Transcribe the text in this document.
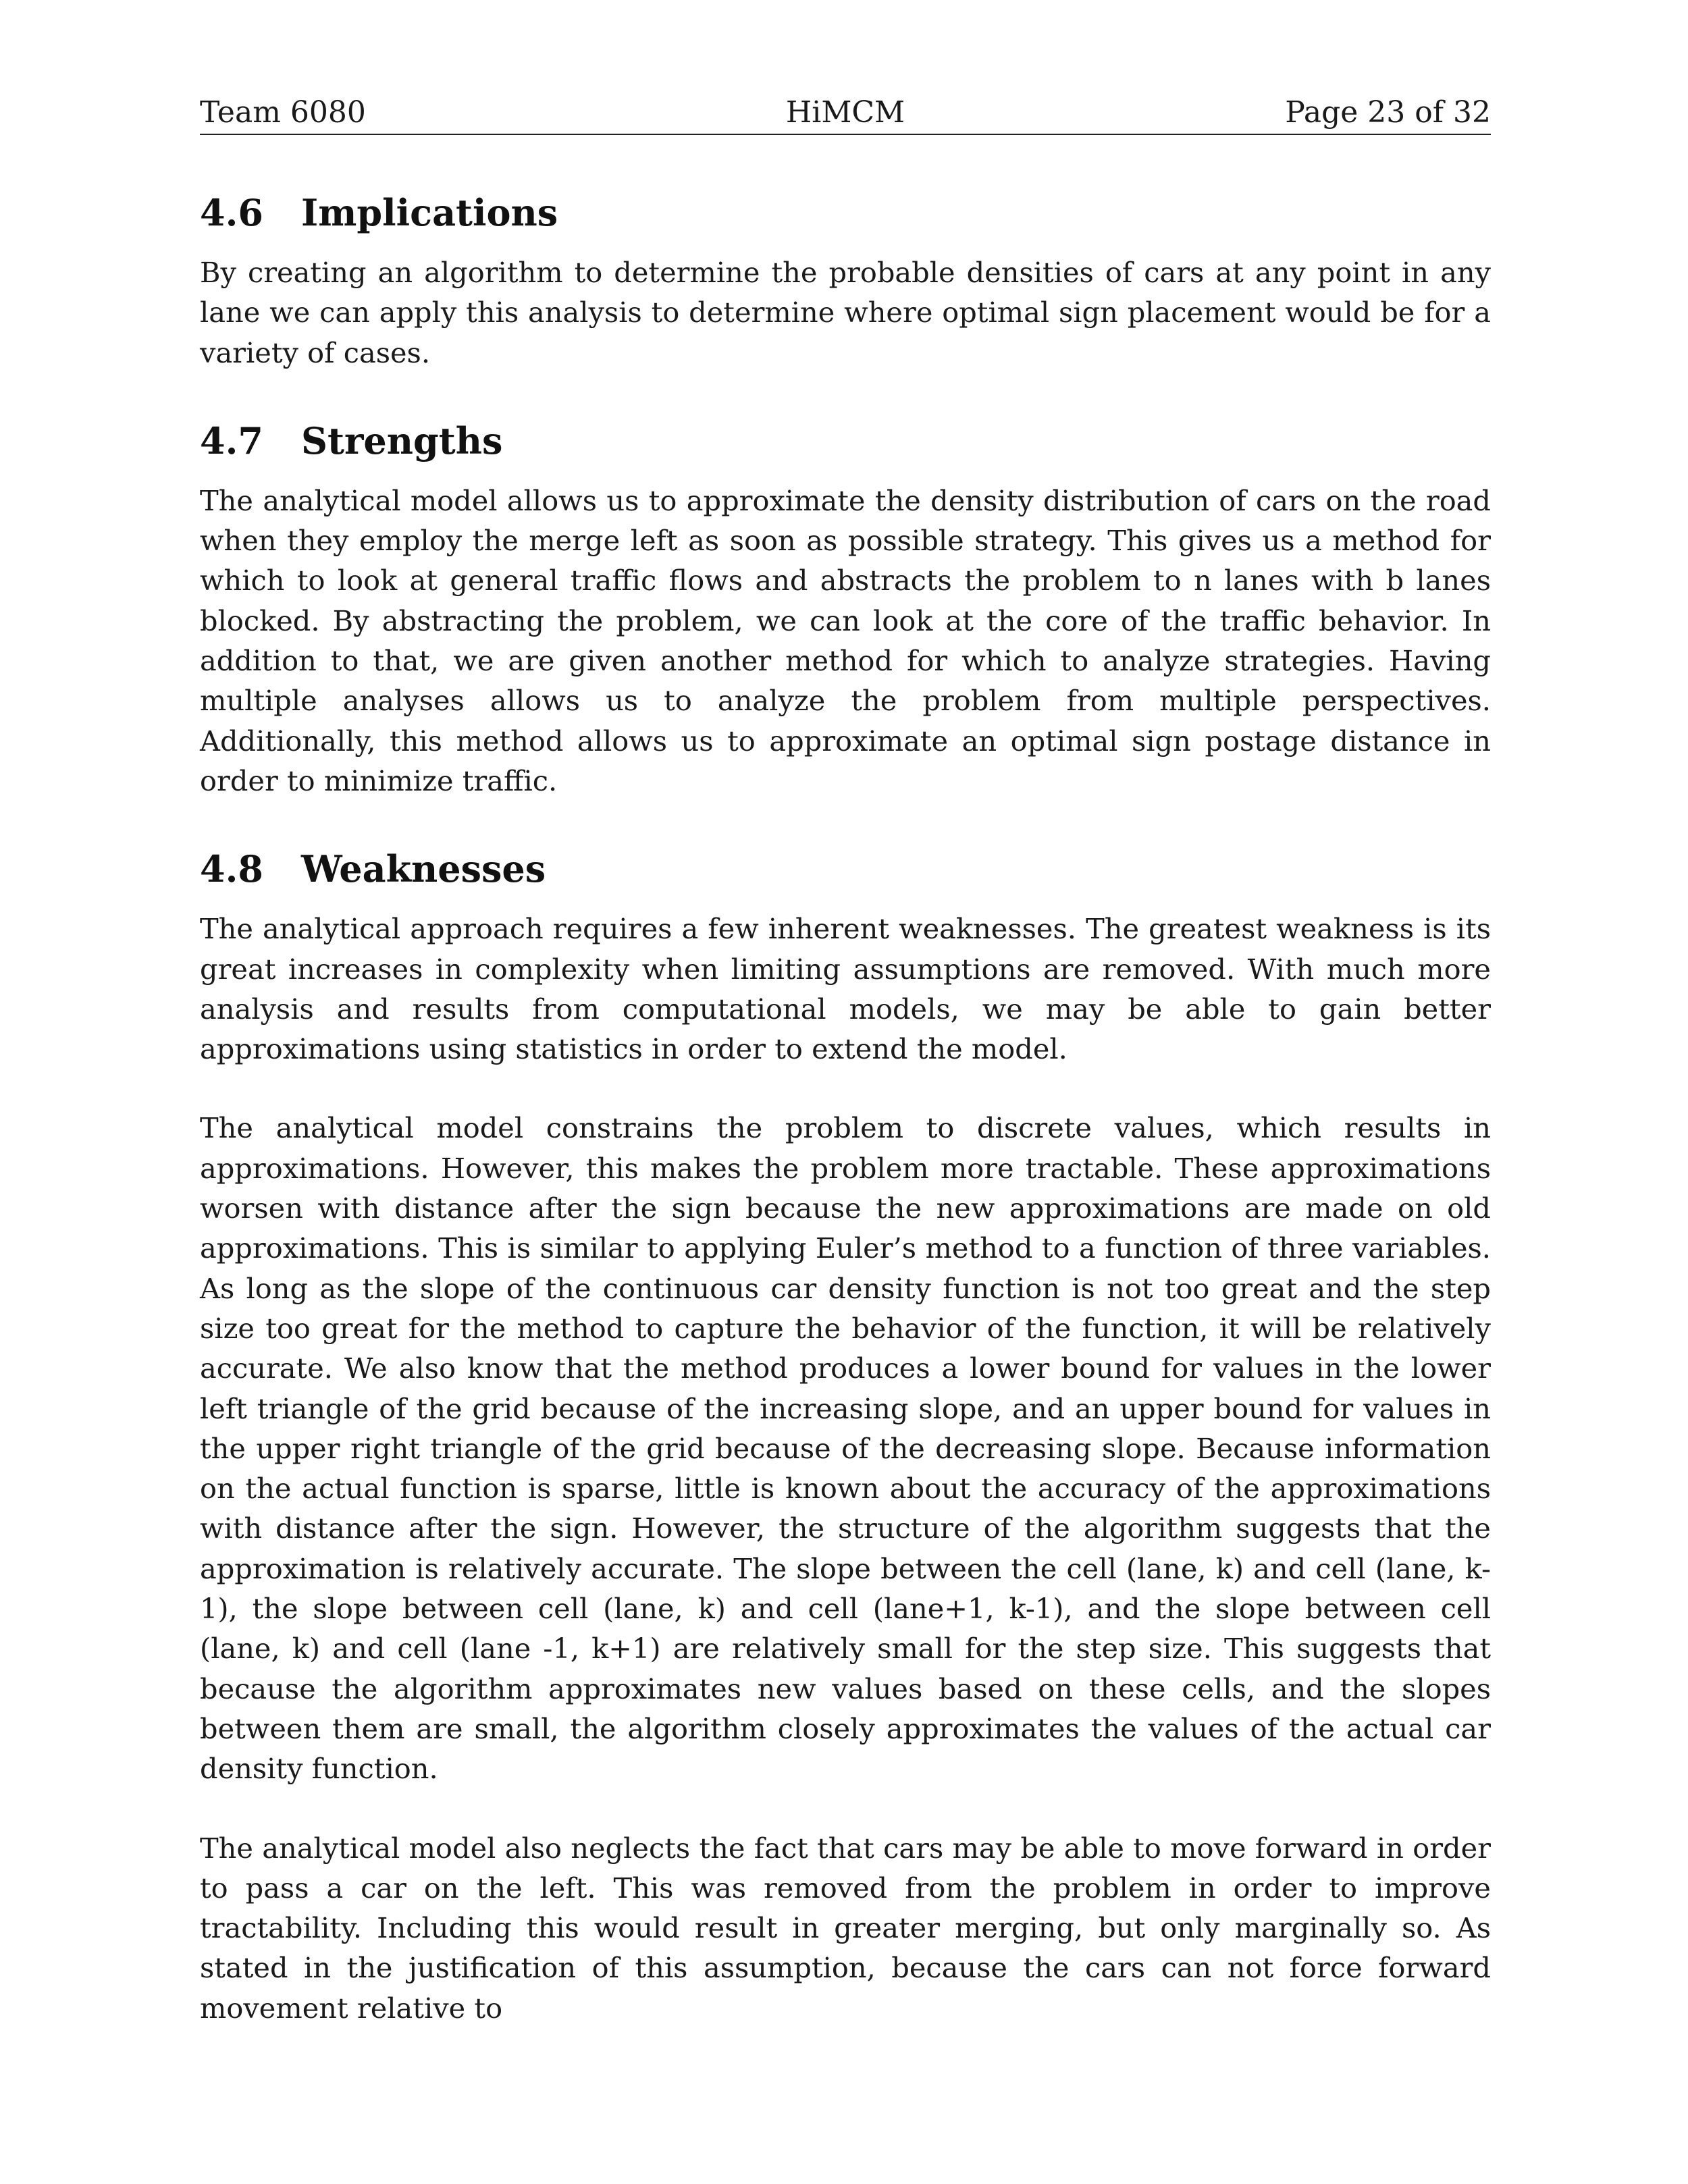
Team 6080	HiMCM	Page 23 of 32
4.6 Implications

By creating an algorithm to determine the probable densities of cars at any point in any lane we can apply this analysis to determine where optimal sign placement would be for a variety of cases.

4.7 Strengths

The analytical model allows us to approximate the density distribution of cars on the road when they employ the merge left as soon as possible strategy. This gives us a method for which to look at general traffic flows and abstracts the problem to n lanes with b lanes blocked. By abstracting the problem, we can look at the core of the traffic behavior. In addition to that, we are given another method for which to analyze strategies. Having multiple analyses allows us to analyze the problem from multiple perspectives. Additionally, this method allows us to approximate an optimal sign postage distance in order to minimize traffic.

4.8 Weaknesses

The analytical approach requires a few inherent weaknesses. The greatest weakness is its great increases in complexity when limiting assumptions are removed. With much more analysis and results from computational models, we may be able to gain better approximations using statistics in order to extend the model.

The analytical model constrains the problem to discrete values, which results in approximations. However, this makes the problem more tractable. These approximations worsen with distance after the sign because the new approximations are made on old approximations. This is similar to applying Euler’s method to a function of three variables. As long as the slope of the continuous car density function is not too great and the step size too great for the method to capture the behavior of the function, it will be relatively accurate. We also know that the method produces a lower bound for values in the lower left triangle of the grid because of the increasing slope, and an upper bound for values in the upper right triangle of the grid because of the decreasing slope. Because information on the actual function is sparse, little is known about the accuracy of the approximations with distance after the sign. However, the structure of the algorithm suggests that the approximation is relatively accurate. The slope between the cell (lane, k) and cell (lane, k-1), the slope between cell (lane, k) and cell (lane+1, k-1), and the slope between cell (lane, k) and cell (lane -1, k+1) are relatively small for the step size. This suggests that because the algorithm approximates new values based on these cells, and the slopes between them are small, the algorithm closely approximates the values of the actual car density function.

The analytical model also neglects the fact that cars may be able to move forward in order to pass a car on the left. This was removed from the problem in order to improve tractability. Including this would result in greater merging, but only marginally so. As stated in the justification of this assumption, because the cars can not force forward movement relative to
